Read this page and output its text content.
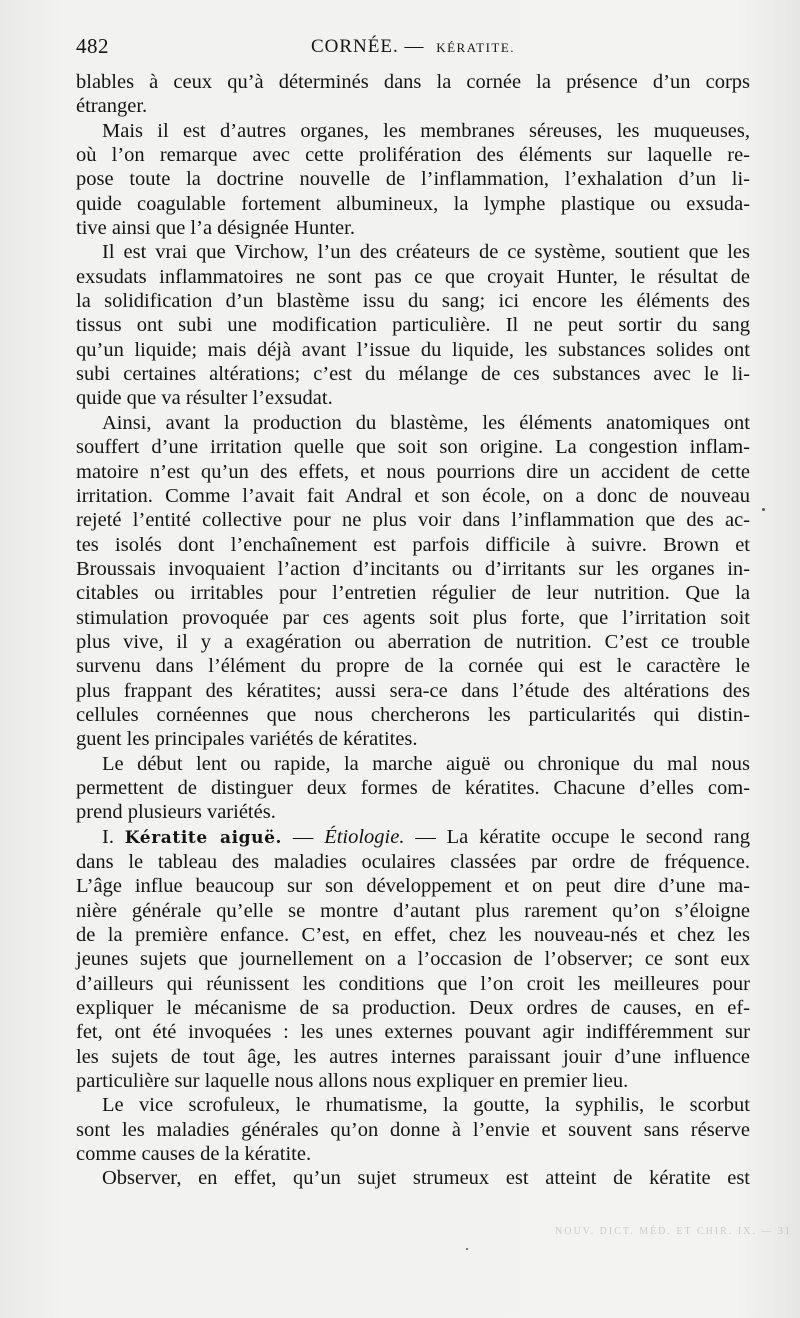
482	CORNÉE. — KÉRATITE.

blables à ceux qu’à déterminés dans la cornée la présence d’un corps

étranger.

Mais il est d’autres organes, les membranes séreuses, les muqueuses,

où l’on remarque avec cette prolifération des éléments sur laquelle re-

pose toute la doctrine nouvelle de l’inflammation, l’exhalation d’un li-

quide coagulable fortement albumineux, la lymphe plastique ou exsuda-

tive ainsi que l’a désignée Hunter.

Il est vrai que Virchow, l’un des créateurs de ce système, soutient que les

exsudats inflammatoires ne sont pas ce que croyait Hunter, le résultat de

la solidification d’un blastème issu du sang; ici encore les éléments des

tissus ont subi une modification particulière. Il ne peut sortir du sang

qu’un liquide; mais déjà avant l’issue du liquide, les substances solides ont

subi certaines altérations; c’est du mélange de ces substances avec le li-

quide que va résulter l’exsudat.

Ainsi, avant la production du blastème, les éléments anatomiques ont

souffert d’une irritation quelle que soit son origine. La congestion inflam-

matoire n’est qu’un des effets, et nous pourrions dire un accident de cette

irritation. Comme l’avait fait Andral et son école, on a donc de nouveau

rejeté l’entité collective pour ne plus voir dans l’inflammation que des ac-

tes isolés dont l’enchaînement est parfois difficile à suivre. Brown et

Broussais invoquaient l’action d’incitants ou d’irritants sur les organes in-

citables ou irritables pour l’entretien régulier de leur nutrition. Que la

stimulation provoquée par ces agents soit plus forte, que l’irritation soit

plus vive, il y a exagération ou aberration de nutrition. C’est ce trouble

survenu dans l’élément du propre de la cornée qui est le caractère le

plus frappant des kératites; aussi sera-ce dans l’étude des altérations des

cellules cornéennes que nous chercherons les particularités qui distin-

guent les principales variétés de kératites.

Le début lent ou rapide, la marche aiguë ou chronique du mal nous

permettent de distinguer deux formes de kératites. Chacune d’elles com-

prend plusieurs variétés.

I. Kératite aiguë. — Étiologie. — La kératite occupe le second rang

dans le tableau des maladies oculaires classées par ordre de fréquence.

L’âge influe beaucoup sur son développement et on peut dire d’une ma-

nière générale qu’elle se montre d’autant plus rarement qu’on s’éloigne

de la première enfance. C’est, en effet, chez les nouveau-nés et chez les

jeunes sujets que journellement on a l’occasion de l’observer; ce sont eux

d’ailleurs qui réunissent les conditions que l’on croit les meilleures pour

expliquer le mécanisme de sa production. Deux ordres de causes, en ef-

fet, ont été invoquées : les unes externes pouvant agir indifféremment sur

les sujets de tout âge, les autres internes paraissant jouir d’une influence

particulière sur laquelle nous allons nous expliquer en premier lieu.

Le vice scrofuleux, le rhumatisme, la goutte, la syphilis, le scorbut

sont les maladies générales qu’on donne à l’envie et souvent sans réserve

comme causes de la kératite.

Observer, en effet, qu’un sujet strumeux est atteint de kératite est

NOUV. DICT. MÉD. ET CHIR. IX. — 31
